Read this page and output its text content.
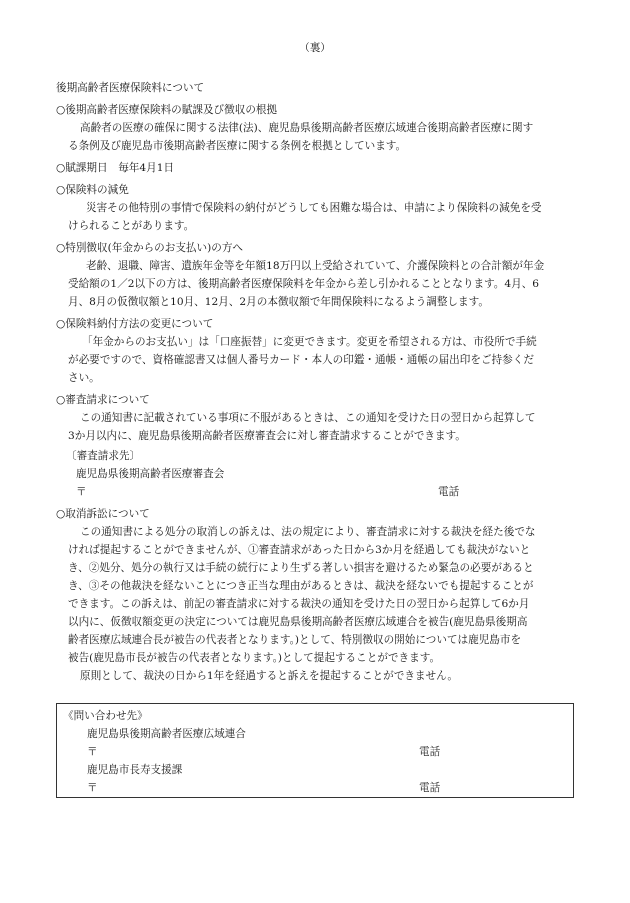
（裏）
後期高齢者医療保険料について
○後期高齢者医療保険料の賦課及び徴収の根拠
高齢者の医療の確保に関する法律(法)、鹿児島県後期高齢者医療広域連合後期高齢者医療に関す
る条例及び鹿児島市後期高齢者医療に関する条例を根拠としています。
○賦課期日　毎年4月1日
○保険料の減免
災害その他特別の事情で保険料の納付がどうしても困難な場合は、申請により保険料の減免を受
けられることがあります。
○特別徴収(年金からのお支払い)の方へ
老齢、退職、障害、遺族年金等を年額18万円以上受給されていて、介護保険料との合計額が年金
受給額の1／2以下の方は、後期高齢者医療保険料を年金から差し引かれることとなります。4月、6
月、8月の仮徴収額と10月、12月、2月の本徴収額で年間保険料になるよう調整します。
○保険料納付方法の変更について
「年金からのお支払い」は「口座振替」に変更できます。変更を希望される方は、市役所で手続
が必要ですので、資格確認書又は個人番号カード・本人の印鑑・通帳・通帳の届出印をご持参くだ
さい。
○審査請求について
この通知書に記載されている事項に不服があるときは、この通知を受けた日の翌日から起算して
3か月以内に、鹿児島県後期高齢者医療審査会に対し審査請求することができます。
〔審査請求先〕
鹿児島県後期高齢者医療審査会
〒	電話
○取消訴訟について
この通知書による処分の取消しの訴えは、法の規定により、審査請求に対する裁決を経た後でな
ければ提起することができませんが、①審査請求があった日から3か月を経過しても裁決がないと
き、②処分、処分の執行又は手続の続行により生ずる著しい損害を避けるため緊急の必要があると
き、③その他裁決を経ないことにつき正当な理由があるときは、裁決を経ないでも提起することが
できます。この訴えは、前記の審査請求に対する裁決の通知を受けた日の翌日から起算して6か月
以内に、仮徴収額変更の決定については鹿児島県後期高齢者医療広域連合を被告(鹿児島県後期高
齢者医療広域連合長が被告の代表者となります。)として、特別徴収の開始については鹿児島市を
被告(鹿児島市長が被告の代表者となります。)として提起することができます。
原則として、裁決の日から1年を経過すると訴えを提起することができません。
《問い合わせ先》
鹿児島県後期高齢者医療広域連合
〒	電話
鹿児島市長寿支援課
〒	電話
